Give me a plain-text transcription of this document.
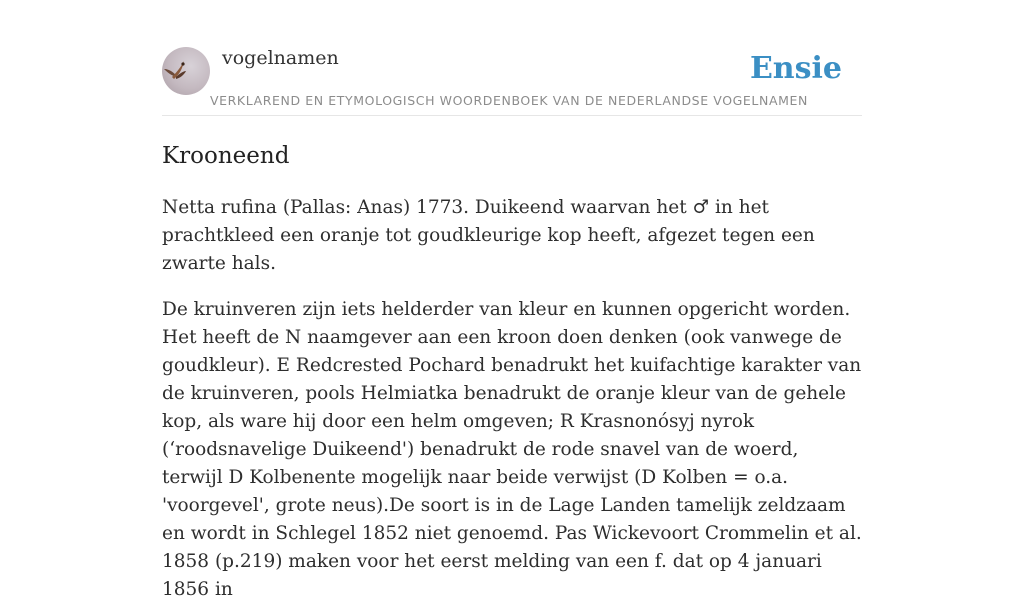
vogelnamen	Ensie
VERKLAREND EN ETYMOLOGISCH WOORDENBOEK VAN DE NEDERLANDSE VOGELNAMEN
Krooneend

Netta rufina (Pallas: Anas) 1773. Duikeend waarvan het ♂ in het prachtkleed een oranje tot goudkleurige kop heeft, afgezet tegen een zwarte hals.

De kruinveren zijn iets helderder van kleur en kunnen opgericht worden. Het heeft de N naamgever aan een kroon doen denken (ook vanwege de goudkleur). E Redcrested Pochard benadrukt het kuifachtige karakter van de kruinveren, pools Helmiatka benadrukt de oranje kleur van de gehele kop, als ware hij door een helm omgeven; R Krasnonósyj nyrok (‘roodsnavelige Duikeend') benadrukt de rode snavel van de woerd, terwijl D Kolbenente mogelijk naar beide verwijst (D Kolben = o.a. 'voorgevel', grote neus).De soort is in de Lage Landen tamelijk zeldzaam en wordt in Schlegel 1852 niet genoemd. Pas Wickevoort Crommelin et al. 1858 (p.219) maken voor het eerst melding van een f. dat op 4 januari 1856 in
